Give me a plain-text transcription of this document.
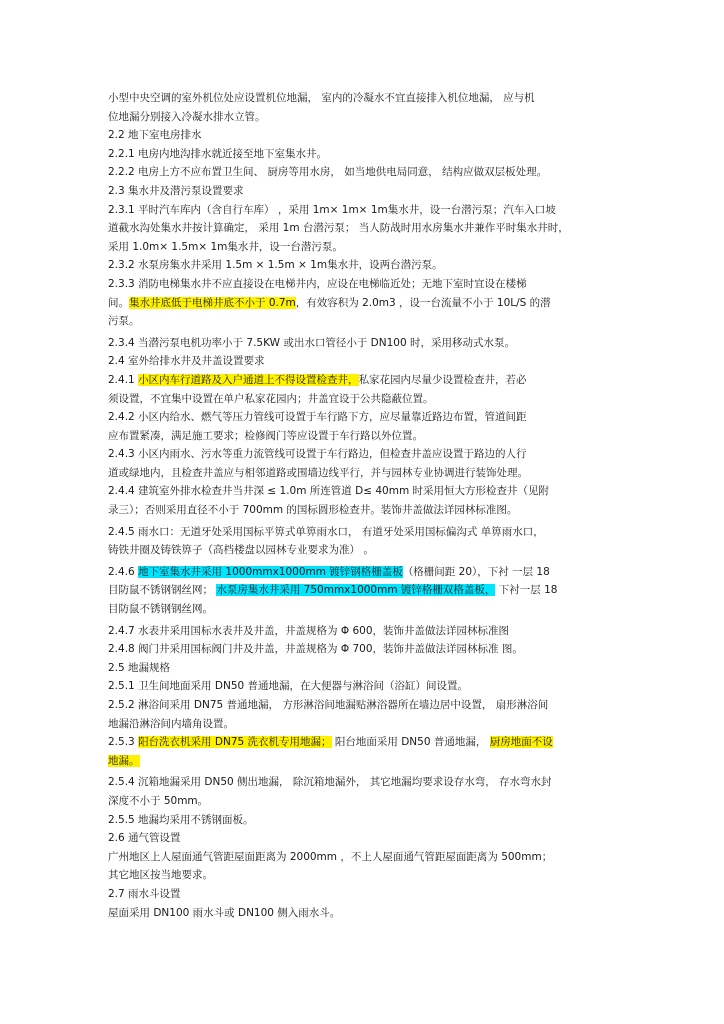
小型中央空调的室外机位处应设置机位地漏， 室内的冷凝水不宜直接排入机位地漏， 应与机
位地漏分别接入冷凝水排水立管。
2.2 地下室电房排水
2.2.1 电房内地沟排水就近接至地下室集水井。
2.2.2 电房上方不应布置卫生间、 厨房等用水房， 如当地供电局同意， 结构应做双层板处理。
2.3 集水井及潜污泵设置要求
2.3.1 平时汽车库内（含自行车库） ，采用 1m× 1m× 1m集水井，设一台潜污泵；汽车入口坡
道截水沟处集水井按计算确定， 采用 1m 台潜污泵； 当人防战时用水房集水井兼作平时集水井时，
采用 1.0m× 1.5m× 1m集水井，设一台潜污泵。
2.3.2 水泵房集水井采用 1.5m × 1.5m × 1m集水井，设两台潜污泵。
2.3.3 消防电梯集水井不应直接设在电梯井内，应设在电梯临近处；无地下室时宜设在楼梯
间。集水井底低于电梯井底不小于 0.7m，有效容积为 2.0m3 ，设一台流量不小于 10L/S 的潜
污泵。
2.3.4 当潜污泵电机功率小于 7.5KW 或出水口管径小于 DN100 时，采用移动式水泵。
2.4 室外给排水井及井盖设置要求
2.4.1 小区内车行道路及入户通道上不得设置检查井，私家花园内尽量少设置检查井，若必
须设置，不宜集中设置在单户私家花园内；井盖宜设于公共隐蔽位置。
2.4.2 小区内给水、燃气等压力管线可设置于车行路下方，应尽量靠近路边布置，管道间距
应布置紧凑，满足施工要求；检修阀门等应设置于车行路以外位置。
2.4.3 小区内雨水、污水等重力流管线可设置于车行路边，但检查井盖应设置于路边的人行
道或绿地内，且检查井盖应与相邻道路或围墙边线平行，并与园林专业协调进行装饰处理。
2.4.4 建筑室外排水检查井当井深 ≤ 1.0m 所连管道 D≤ 40mm 时采用恒大方形检查井（见附
录三）；否则采用直径不小于 700mm 的国标圆形检查井。装饰井盖做法详园林标准图。
2.4.5 雨水口：无道牙处采用国标平箅式单箅雨水口， 有道牙处采用国标偏沟式 单箅雨水口，
铸铁井圈及铸铁箅子（高档楼盘以园林专业要求为准） 。
2.4.6 地下室集水井采用 1000mmx1000mm 镀锌钢格栅盖板（格栅间距 20），下衬 一层 18
目防鼠不锈钢钢丝网； 水泵房集水井采用 750mmx1000mm 镀锌格栅双格盖板， 下衬一层 18
目防鼠不锈钢钢丝网。
2.4.7 水表井采用国标水表井及井盖，井盖规格为 Φ 600，装饰井盖做法详园林标准图
2.4.8 阀门井采用国标阀门井及井盖，井盖规格为 Φ 700，装饰井盖做法详园林标准 图。
2.5 地漏规格
2.5.1 卫生间地面采用 DN50 普通地漏，在大便器与淋浴间（浴缸）间设置。
2.5.2 淋浴间采用 DN75 普通地漏， 方形淋浴间地漏贴淋浴器所在墙边居中设置， 扇形淋浴间
地漏沿淋浴间内墙角设置。
2.5.3 阳台洗衣机采用 DN75 洗衣机专用地漏； 阳台地面采用 DN50 普通地漏， 厨房地面不设
地漏。
2.5.4 沉箱地漏采用 DN50 侧出地漏， 除沉箱地漏外， 其它地漏均要求设存水弯， 存水弯水封
深度不小于 50mm。
2.5.5 地漏均采用不锈钢面板。
2.6 通气管设置
广州地区上人屋面通气管距屋面距离为 2000mm ，不上人屋面通气管距屋面距离为 500mm；
其它地区按当地要求。
2.7 雨水斗设置
屋面采用 DN100 雨水斗或 DN100 侧入雨水斗。
